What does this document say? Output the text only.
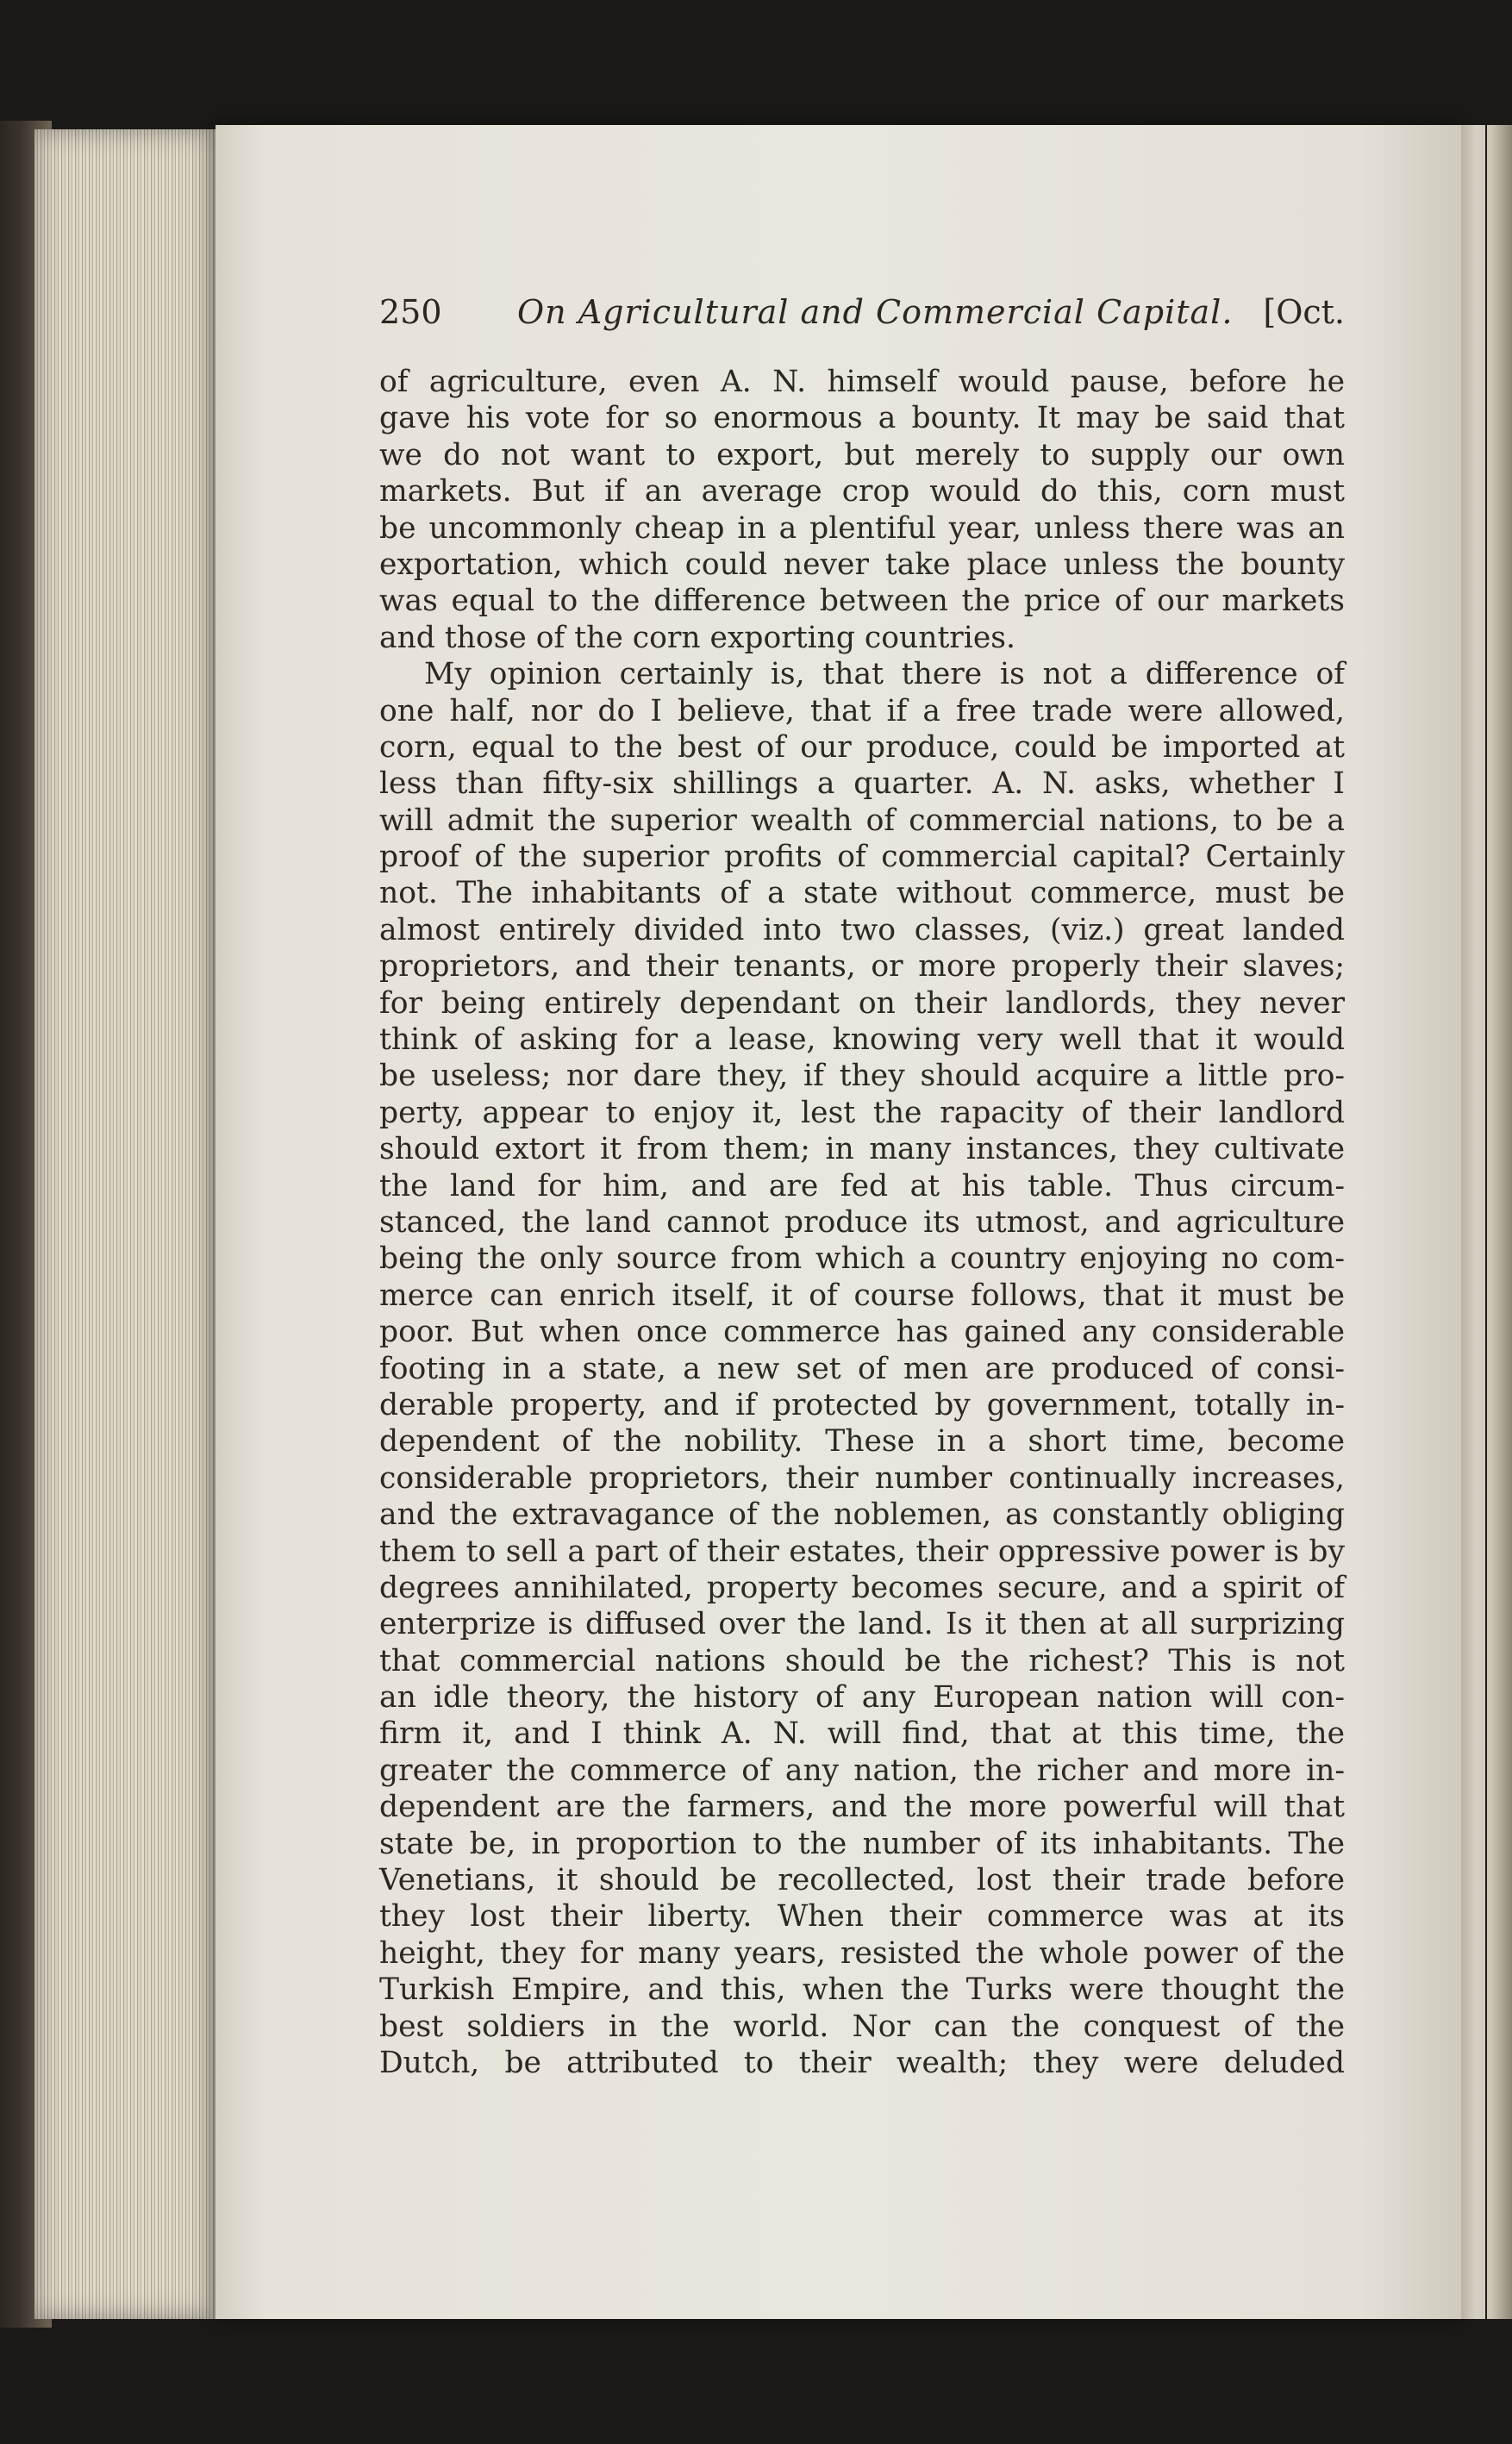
250 On Agricultural and Commercial Capital. [Oct.
of agriculture, even A. N. himself would pause, before he
gave his vote for so enormous a bounty. It may be said that
we do not want to export, but merely to supply our own
markets. But if an average crop would do this, corn must
be uncommonly cheap in a plentiful year, unless there was an
exportation, which could never take place unless the bounty
was equal to the difference between the price of our markets
and those of the corn exporting countries.
My opinion certainly is, that there is not a difference of
one half, nor do I believe, that if a free trade were allowed,
corn, equal to the best of our produce, could be imported at
less than fifty-six shillings a quarter. A. N. asks, whether I
will admit the superior wealth of commercial nations, to be a
proof of the superior profits of commercial capital? Certainly
not. The inhabitants of a state without commerce, must be
almost entirely divided into two classes, (viz.) great landed
proprietors, and their tenants, or more properly their slaves;
for being entirely dependant on their landlords, they never
think of asking for a lease, knowing very well that it would
be useless; nor dare they, if they should acquire a little pro-
perty, appear to enjoy it, lest the rapacity of their landlord
should extort it from them; in many instances, they cultivate
the land for him, and are fed at his table. Thus circum-
stanced, the land cannot produce its utmost, and agriculture
being the only source from which a country enjoying no com-
merce can enrich itself, it of course follows, that it must be
poor. But when once commerce has gained any considerable
footing in a state, a new set of men are produced of consi-
derable property, and if protected by government, totally in-
dependent of the nobility. These in a short time, become
considerable proprietors, their number continually increases,
and the extravagance of the noblemen, as constantly obliging
them to sell a part of their estates, their oppressive power is by
degrees annihilated, property becomes secure, and a spirit of
enterprize is diffused over the land. Is it then at all surprizing
that commercial nations should be the richest? This is not
an idle theory, the history of any European nation will con-
firm it, and I think A. N. will find, that at this time, the
greater the commerce of any nation, the richer and more in-
dependent are the farmers, and the more powerful will that
state be, in proportion to the number of its inhabitants. The
Venetians, it should be recollected, lost their trade before
they lost their liberty. When their commerce was at its
height, they for many years, resisted the whole power of the
Turkish Empire, and this, when the Turks were thought the
best soldiers in the world. Nor can the conquest of the
Dutch, be attributed to their wealth; they were deluded
